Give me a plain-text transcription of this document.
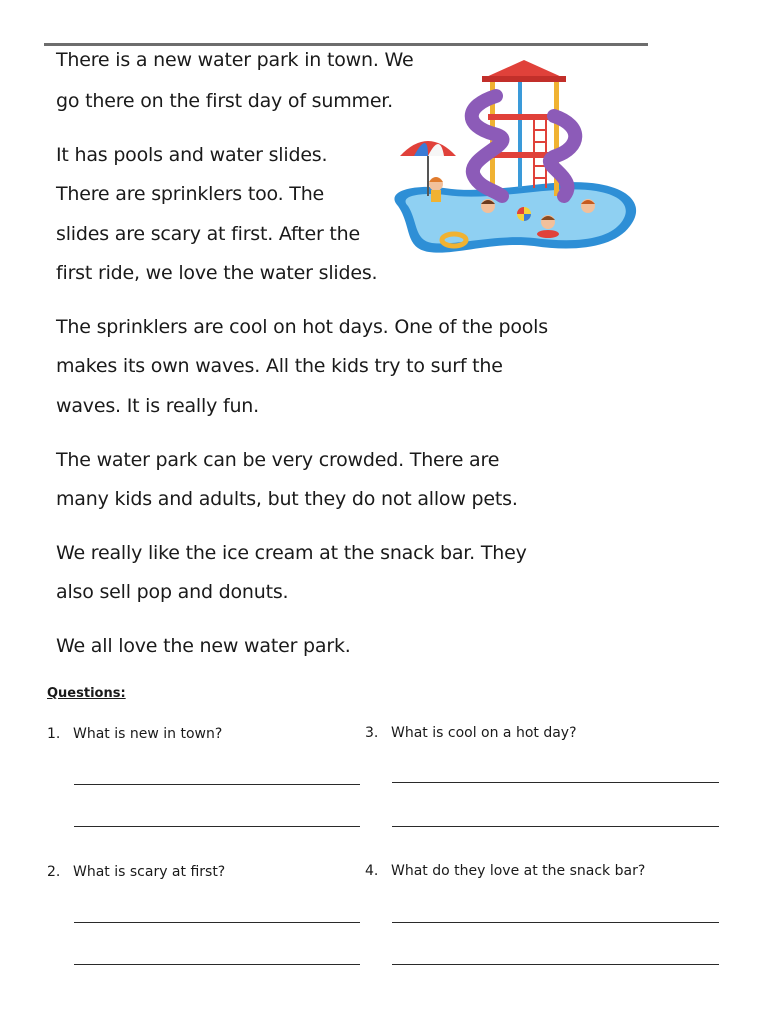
There is a new water park in town. We
go there on the first day of summer.
It has pools and water slides.
There are sprinklers too. The
slides are scary at first. After the
first ride, we love the water slides.
The sprinklers are cool on hot days. One of the pools
makes its own waves. All the kids try to surf the
waves. It is really fun.
The water park can be very crowded. There are
many kids and adults, but they do not allow pets.
We really like the ice cream at the snack bar. They
also sell pop and donuts.
We all love the new water park.
Questions:
1. What is new in town?
2. What is scary at first?
3. What is cool on a hot day?
4. What do they love at the snack bar?
